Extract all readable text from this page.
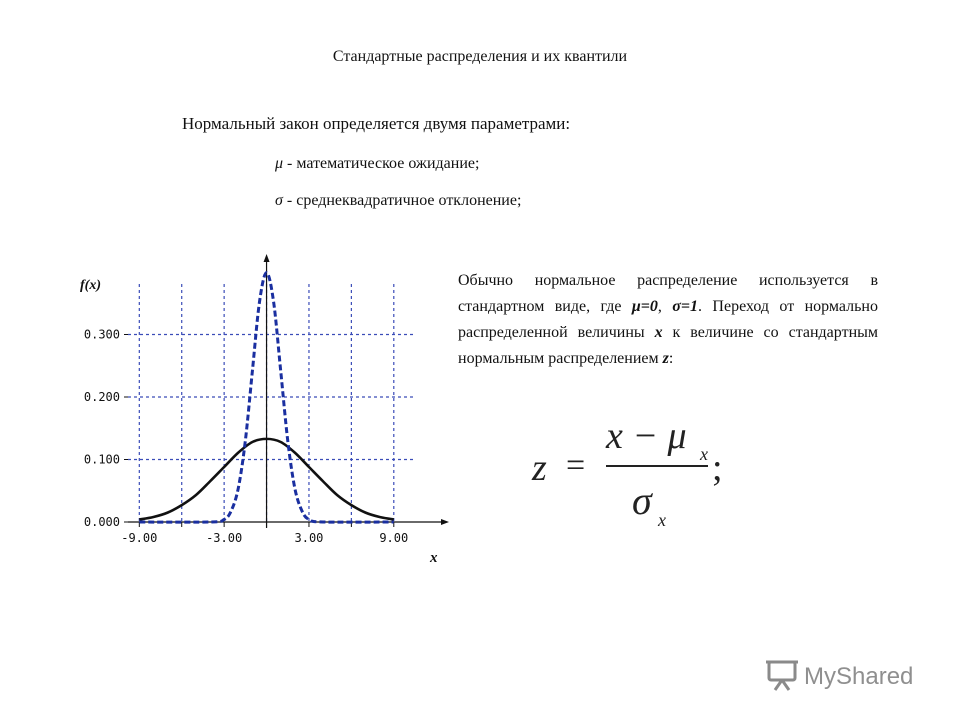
Стандартные распределения и их квантили
Нормальный закон определяется двумя параметрами:
μ - математическое ожидание;
σ - среднеквадратичное отклонение;
Обычно нормальное распределение используется в стандартном виде, где μ=0, σ=1. Переход от нормально распределенной величины x к величине со стандартным нормальным распределением z:
z =
x − μ x
σ x
;
-9.00	-3.00	3.00	9.00
0.000
0.100
0.200
0.300
f(x)
x
MyShared
